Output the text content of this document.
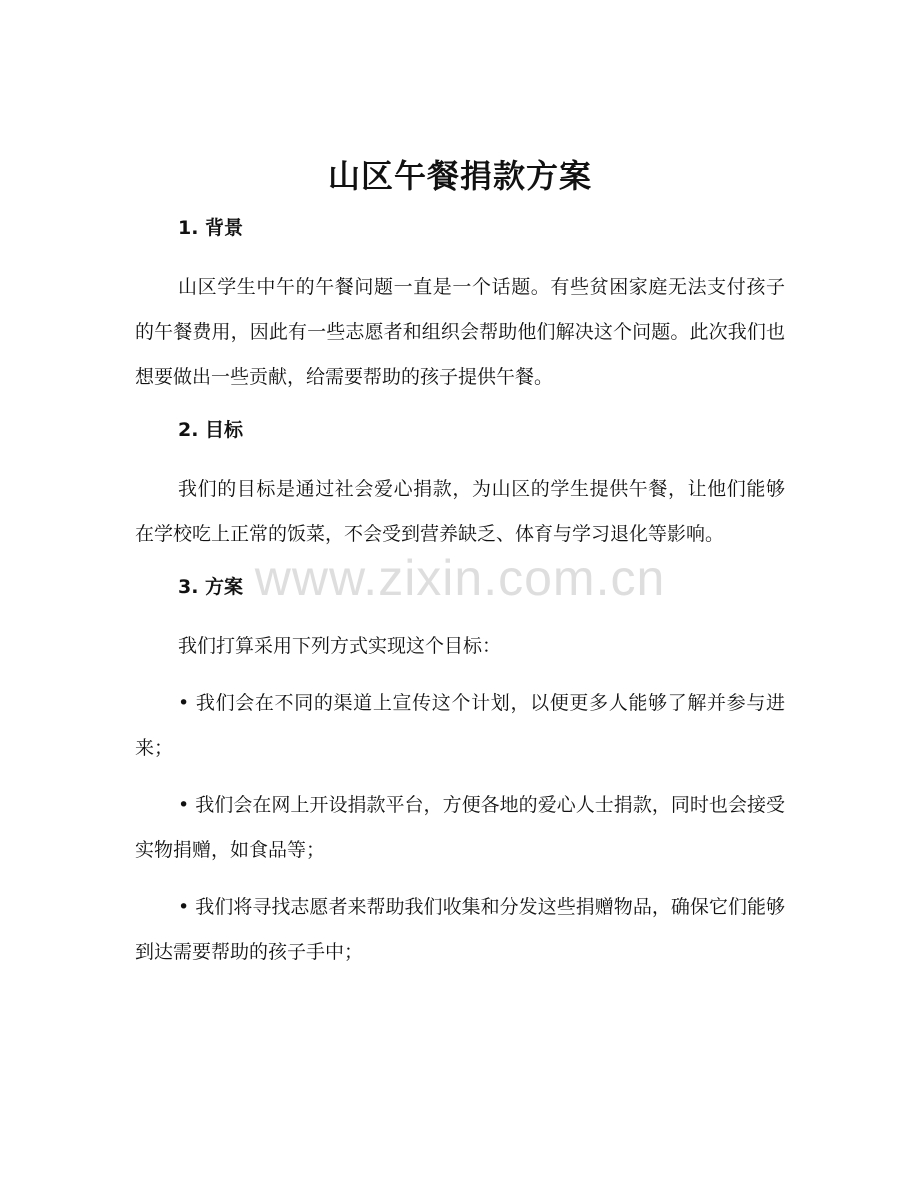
山区午餐捐款方案
1. 背景

山区学生中午的午餐问题一直是一个话题。有些贫困家庭无法支付孩子的午餐费用，因此有一些志愿者和组织会帮助他们解决这个问题。此次我们也想要做出一些贡献，给需要帮助的孩子提供午餐。

2. 目标

我们的目标是通过社会爱心捐款，为山区的学生提供午餐，让他们能够在学校吃上正常的饭菜，不会受到营养缺乏、体育与学习退化等影响。

3. 方案

我们打算采用下列方式实现这个目标：

• 我们会在不同的渠道上宣传这个计划，以便更多人能够了解并参与进来；

• 我们会在网上开设捐款平台，方便各地的爱心人士捐款，同时也会接受实物捐赠，如食品等；

• 我们将寻找志愿者来帮助我们收集和分发这些捐赠物品，确保它们能够到达需要帮助的孩子手中；

www.zixin.com.cn
